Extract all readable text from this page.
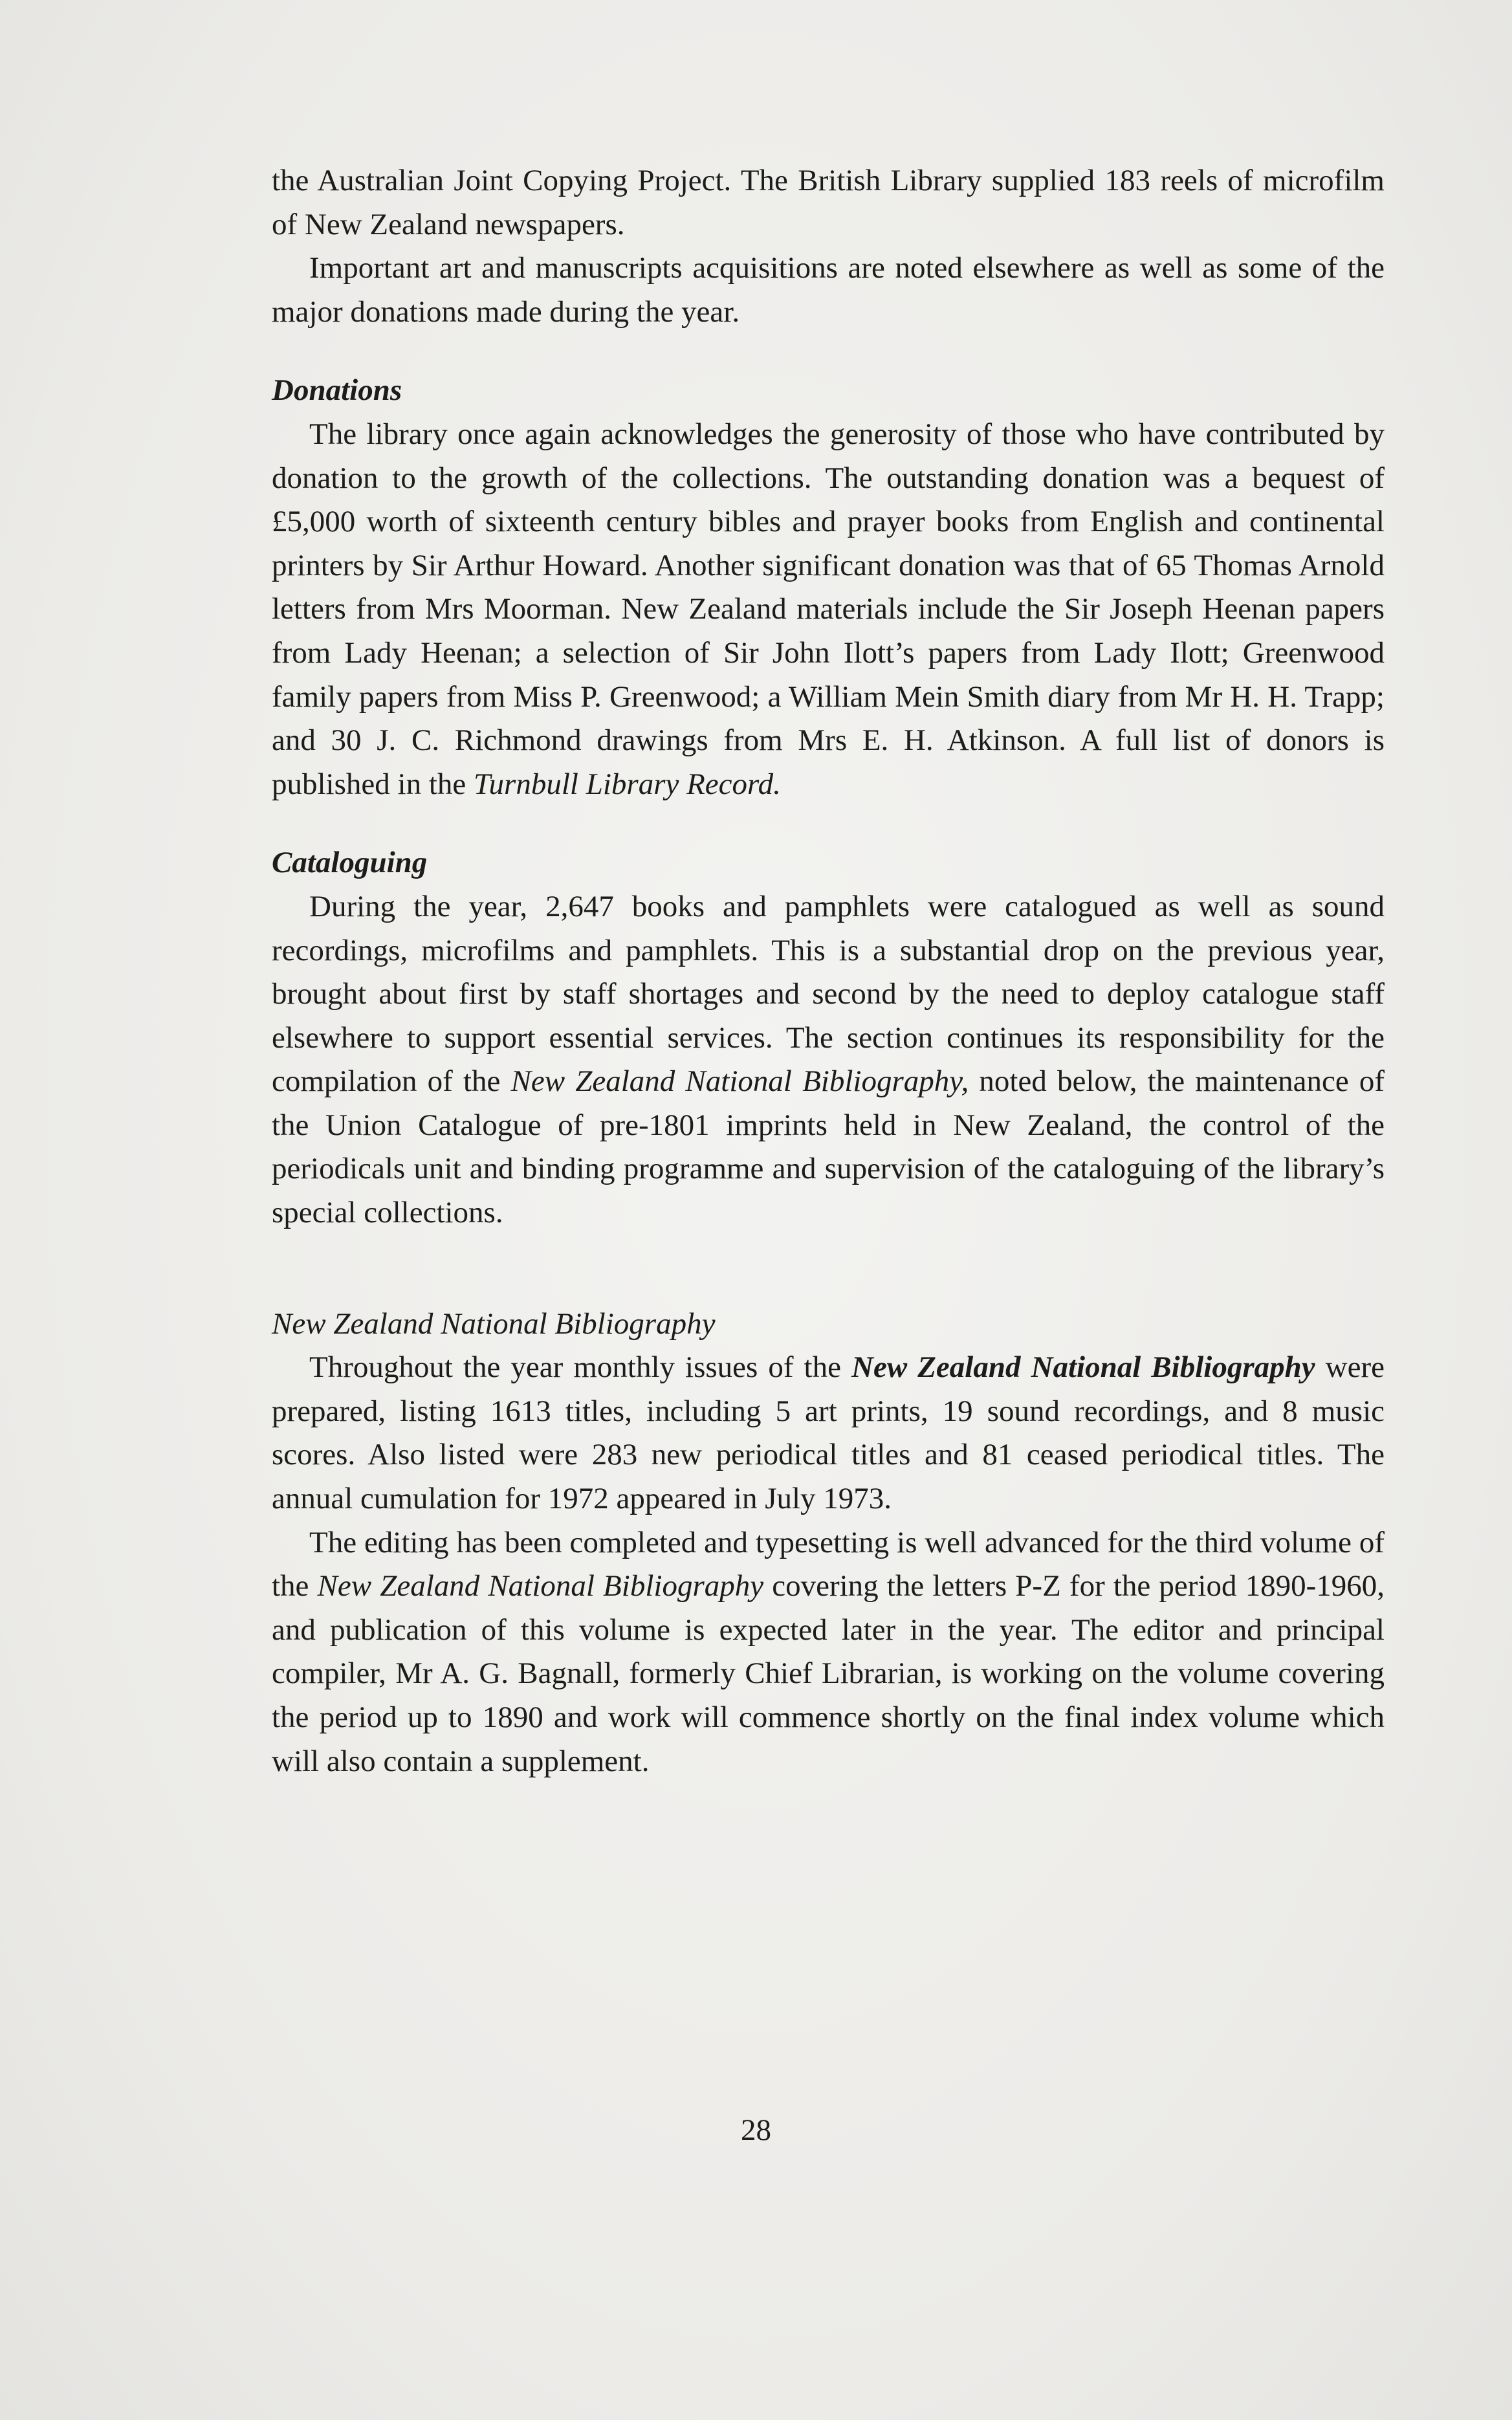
the Australian Joint Copying Project. The British Library supplied 183 reels of microfilm of New Zealand newspapers.

Important art and manuscripts acquisitions are noted elsewhere as well as some of the major donations made during the year.

Donations

The library once again acknowledges the generosity of those who have contributed by donation to the growth of the collections. The outstanding donation was a bequest of £5,000 worth of sixteenth century bibles and prayer books from English and continental printers by Sir Arthur Howard. Another significant donation was that of 65 Thomas Arnold letters from Mrs Moorman. New Zealand materials include the Sir Joseph Heenan papers from Lady Heenan; a selection of Sir John Ilott’s papers from Lady Ilott; Greenwood family papers from Miss P. Greenwood; a William Mein Smith diary from Mr H. H. Trapp; and 30 J. C. Richmond drawings from Mrs E. H. Atkinson. A full list of donors is published in the Turnbull Library Record.

Cataloguing

During the year, 2,647 books and pamphlets were catalogued as well as sound recordings, microfilms and pamphlets. This is a substantial drop on the previous year, brought about first by staff shortages and second by the need to deploy catalogue staff elsewhere to support essential services. The section continues its responsibility for the compilation of the New Zealand National Bibliography, noted below, the maintenance of the Union Catalogue of pre-1801 imprints held in New Zealand, the control of the periodicals unit and binding programme and supervision of the cataloguing of the library’s special collections.

New Zealand National Bibliography

Throughout the year monthly issues of the New Zealand National Bibliography were prepared, listing 1613 titles, including 5 art prints, 19 sound recordings, and 8 music scores. Also listed were 283 new periodical titles and 81 ceased periodical titles. The annual cumulation for 1972 appeared in July 1973.

The editing has been completed and typesetting is well advanced for the third volume of the New Zealand National Bibliography covering the letters P-Z for the period 1890-1960, and publication of this volume is expected later in the year. The editor and principal compiler, Mr A. G. Bagnall, formerly Chief Librarian, is working on the volume covering the period up to 1890 and work will commence shortly on the final index volume which will also contain a supplement.

28
